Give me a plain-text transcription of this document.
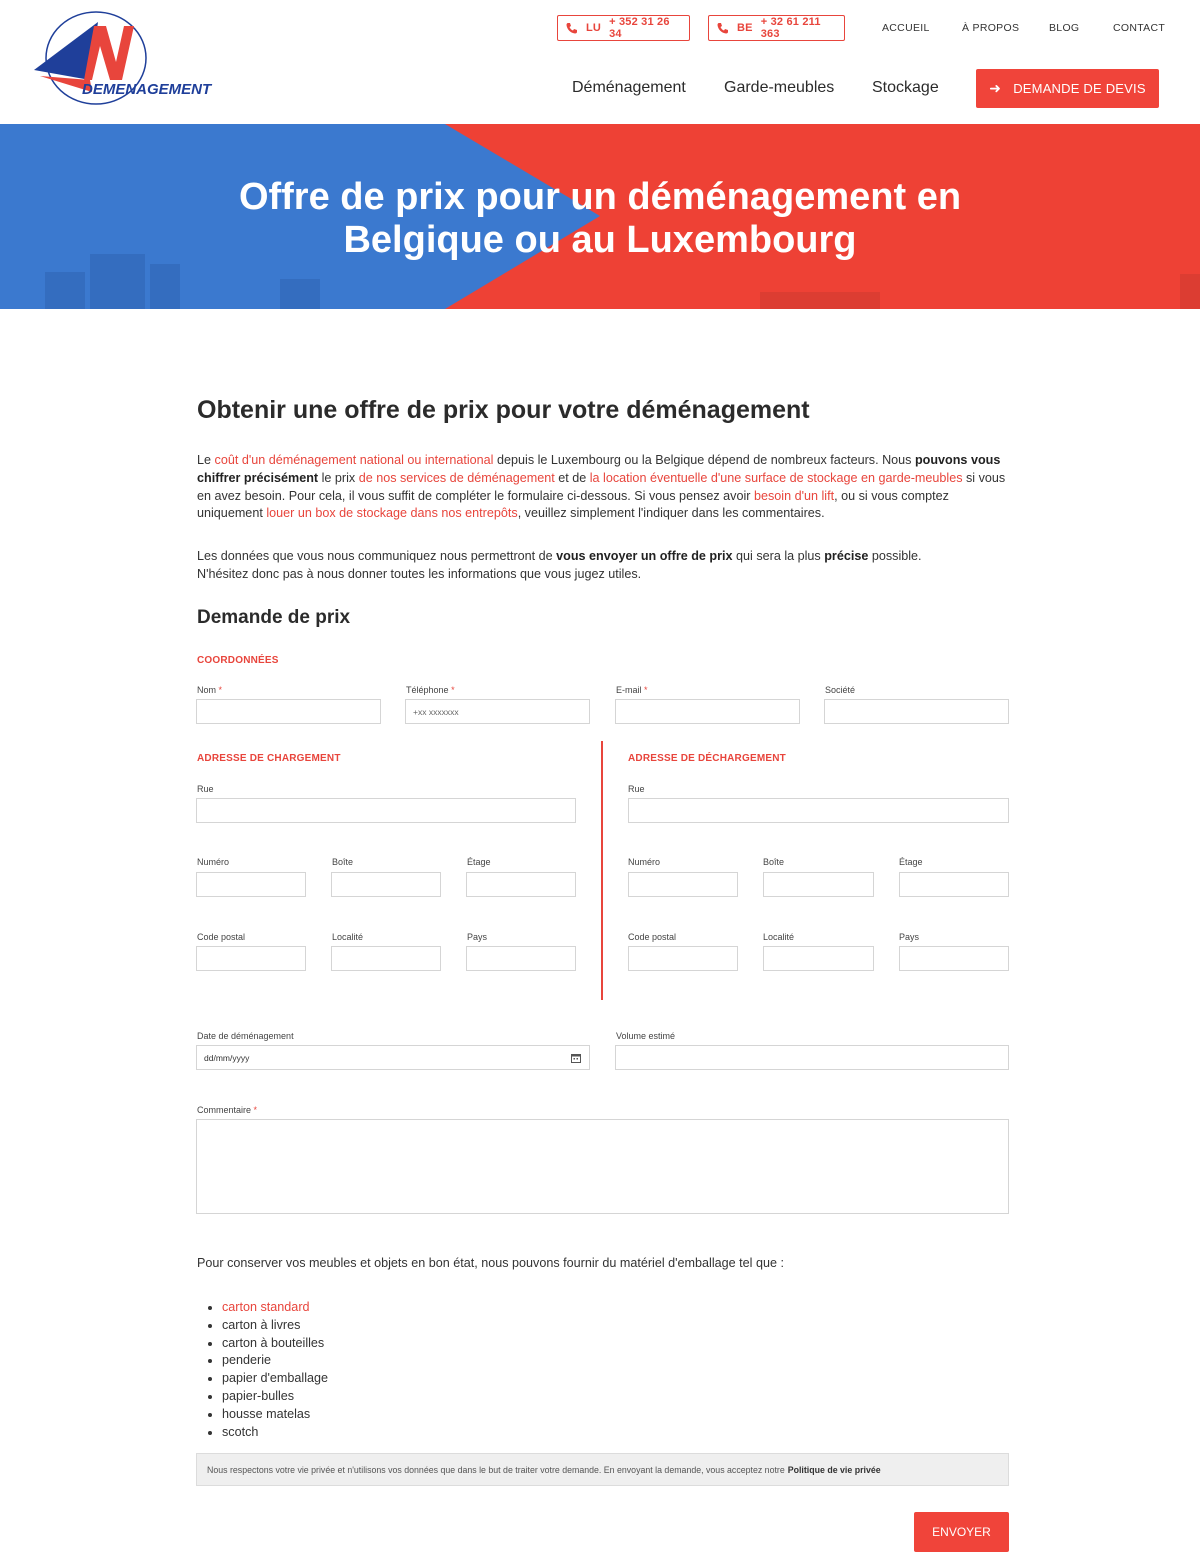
DEMENAGEMENT
LU + 352 31 26 34	BE + 32 61 211 363	ACCUEIL	À PROPOS	BLOG	CONTACT
Déménagement Garde-meubles Stockage	➜ DEMANDE DE DEVIS
Offre de prix pour un déménagement en
Belgique ou au Luxembourg
Obtenir une offre de prix pour votre déménagement

Le coût d'un déménagement national ou international depuis le Luxembourg ou la Belgique dépend de nombreux facteurs. Nous pouvons vous chiffrer précisément le prix de nos services de déménagement et de la location éventuelle d'une surface de stockage en garde-meubles si vous en avez besoin. Pour cela, il vous suffit de compléter le formulaire ci-dessous. Si vous pensez avoir besoin d'un lift, ou si vous comptez uniquement louer un box de stockage dans nos entrepôts, veuillez simplement l'indiquer dans les commentaires.

Les données que vous nous communiquez nous permettront de vous envoyer un offre de prix qui sera la plus précise possible.
N'hésitez donc pas à nous donner toutes les informations que vous jugez utiles.

Demande de prix
COORDONNÉES
Nom *	Téléphone *
+xx xxxxxxx
E-mail *	Société
ADRESSE DE CHARGEMENT
Rue
Numéro	Boîte	Étage
Code postal	Localité	Pays
ADRESSE DE DÉCHARGEMENT
Rue
Numéro	Boîte	Étage
Code postal	Localité	Pays
Date de déménagement
dd/mm/yyyy
Volume estimé
Commentaire *

Pour conserver vos meubles et objets en bon état, nous pouvons fournir du matériel d'emballage tel que :

carton standard
carton à livres
carton à bouteilles
penderie
papier d'emballage
papier-bulles
housse matelas
scotch
Nous respectons votre vie privée et n'utilisons vos données que dans le but de traiter votre demande. En envoyant la demande, vous acceptez notre Politique de vie privée
ENVOYER
